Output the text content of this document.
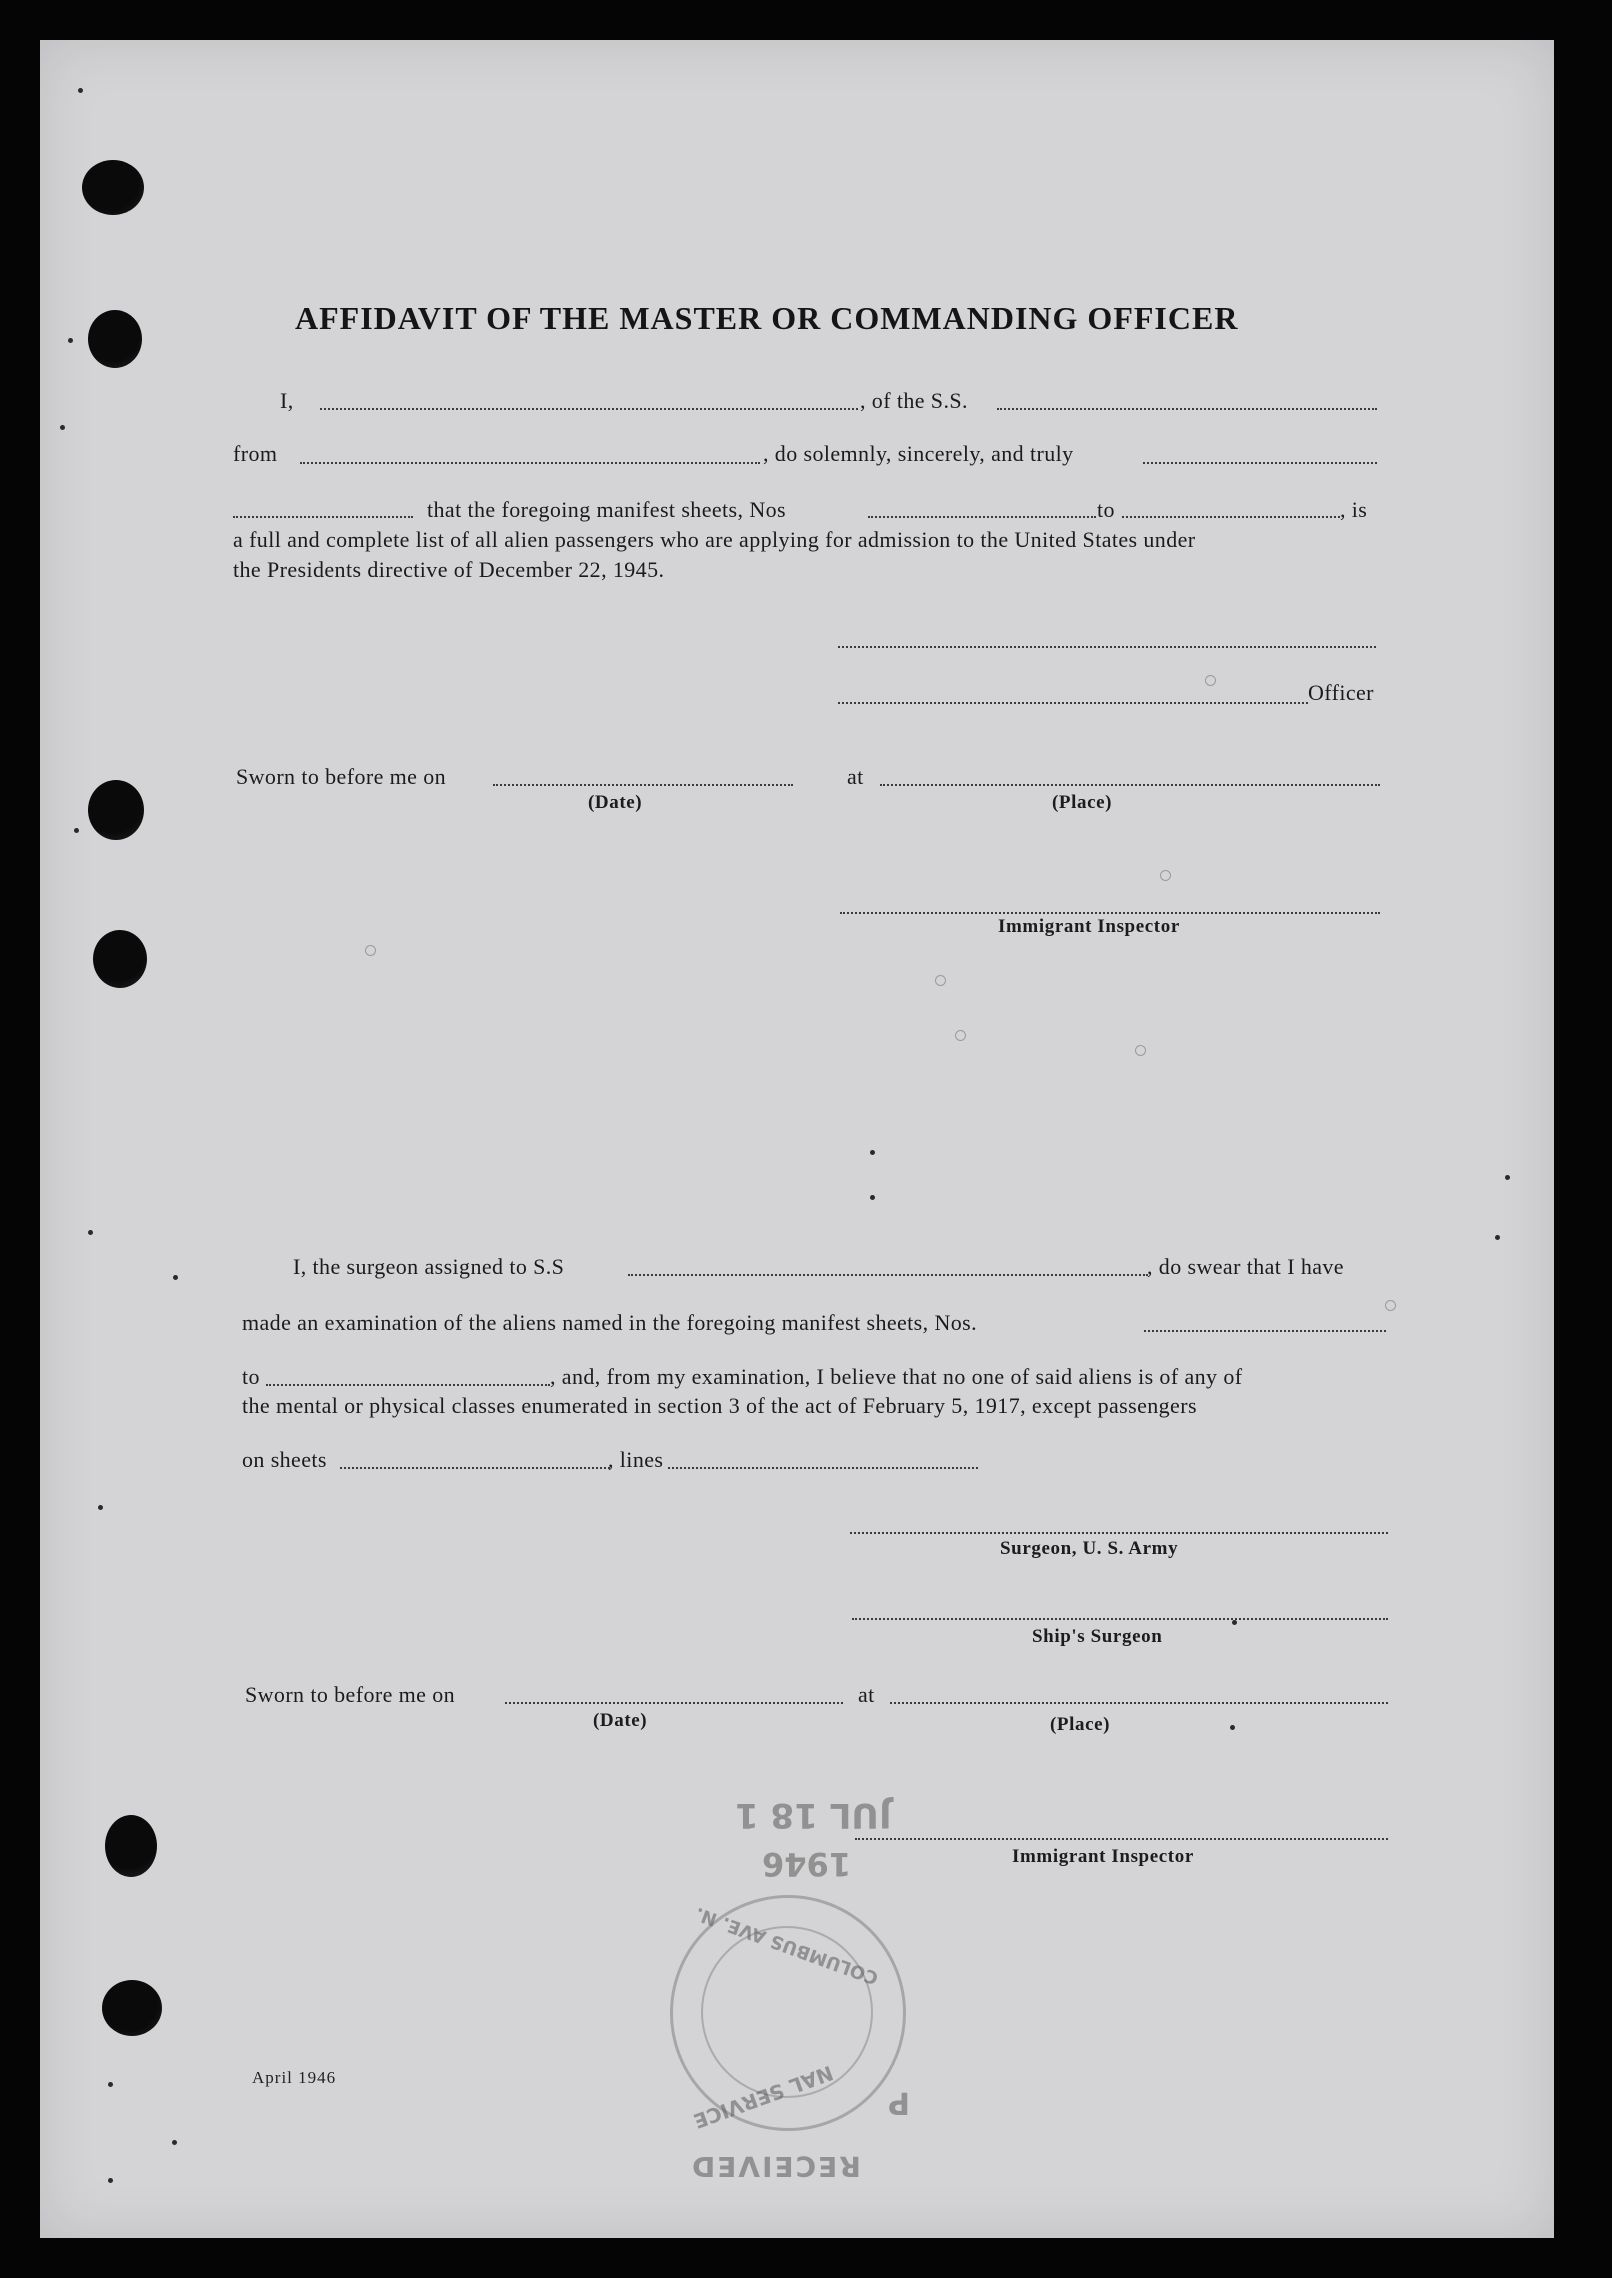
AFFIDAVIT OF THE MASTER OR COMMANDING OFFICER
I,	, of the S.S.
from	, do solemnly, sincerely, and truly
that the foregoing manifest sheets, Nos	to	, is
a full and complete list of all alien passengers who are applying for admission to the United States under
the Presidents directive of December 22, 1945.
Officer
Sworn to before me on
(Date)
at
(Place)
Immigrant Inspector
I, the surgeon assigned to S.S	, do swear that I have
made an examination of the aliens named in the foregoing manifest sheets, Nos.
to	, and, from my examination, I believe that no one of said aliens is of any of
the mental or physical classes enumerated in section 3 of the act of February 5, 1917, except passengers
on sheets	, lines
Surgeon, U. S. Army
Ship's Surgeon
Sworn to before me on
(Date)
at
(Place)
Immigrant Inspector
April 1946
JUL 18 1
1946
COLUMBUS AVE. N.
NAL SERVICE P
RECEIVED
